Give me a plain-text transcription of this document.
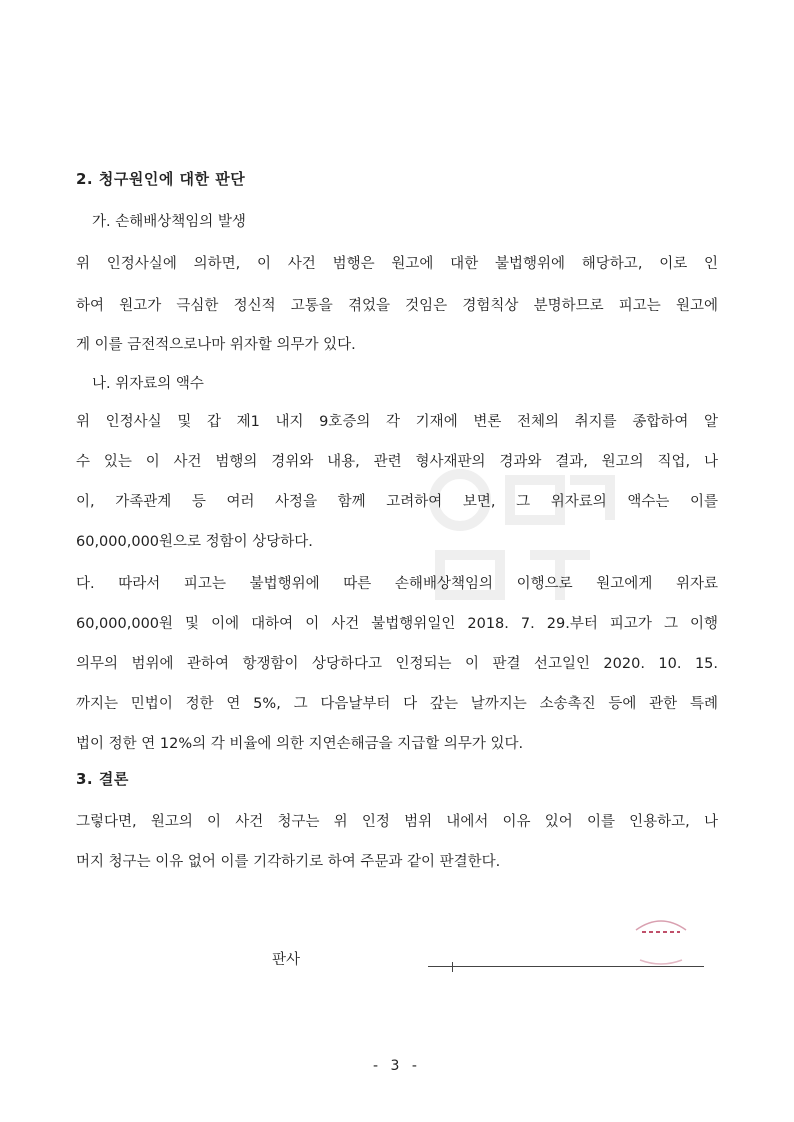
2. 청구원인에 대한 판단
가. 손해배상책임의 발생
위 인정사실에 의하면, 이 사건 범행은 원고에 대한 불법행위에 해당하고, 이로 인
하여 원고가 극심한 정신적 고통을 겪었을 것임은 경험칙상 분명하므로 피고는 원고에
게 이를 금전적으로나마 위자할 의무가 있다.
나. 위자료의 액수
위 인정사실 및 갑 제1 내지 9호증의 각 기재에 변론 전체의 취지를 종합하여 알
수 있는 이 사건 범행의 경위와 내용, 관련 형사재판의 경과와 결과, 원고의 직업, 나
이, 가족관계 등 여러 사정을 함께 고려하여 보면, 그 위자료의 액수는 이를
60,000,000원으로 정함이 상당하다.
다. 따라서 피고는 불법행위에 따른 손해배상책임의 이행으로 원고에게 위자료
60,000,000원 및 이에 대하여 이 사건 불법행위일인 2018. 7. 29.부터 피고가 그 이행
의무의 범위에 관하여 항쟁함이 상당하다고 인정되는 이 판결 선고일인 2020. 10. 15.
까지는 민법이 정한 연 5%, 그 다음날부터 다 갚는 날까지는 소송촉진 등에 관한 특례
법이 정한 연 12%의 각 비율에 의한 지연손해금을 지급할 의무가 있다.
3. 결론
그렇다면, 원고의 이 사건 청구는 위 인정 범위 내에서 이유 있어 이를 인용하고, 나
머지 청구는 이유 없어 이를 기각하기로 하여 주문과 같이 판결한다.
판사
- 3 -
